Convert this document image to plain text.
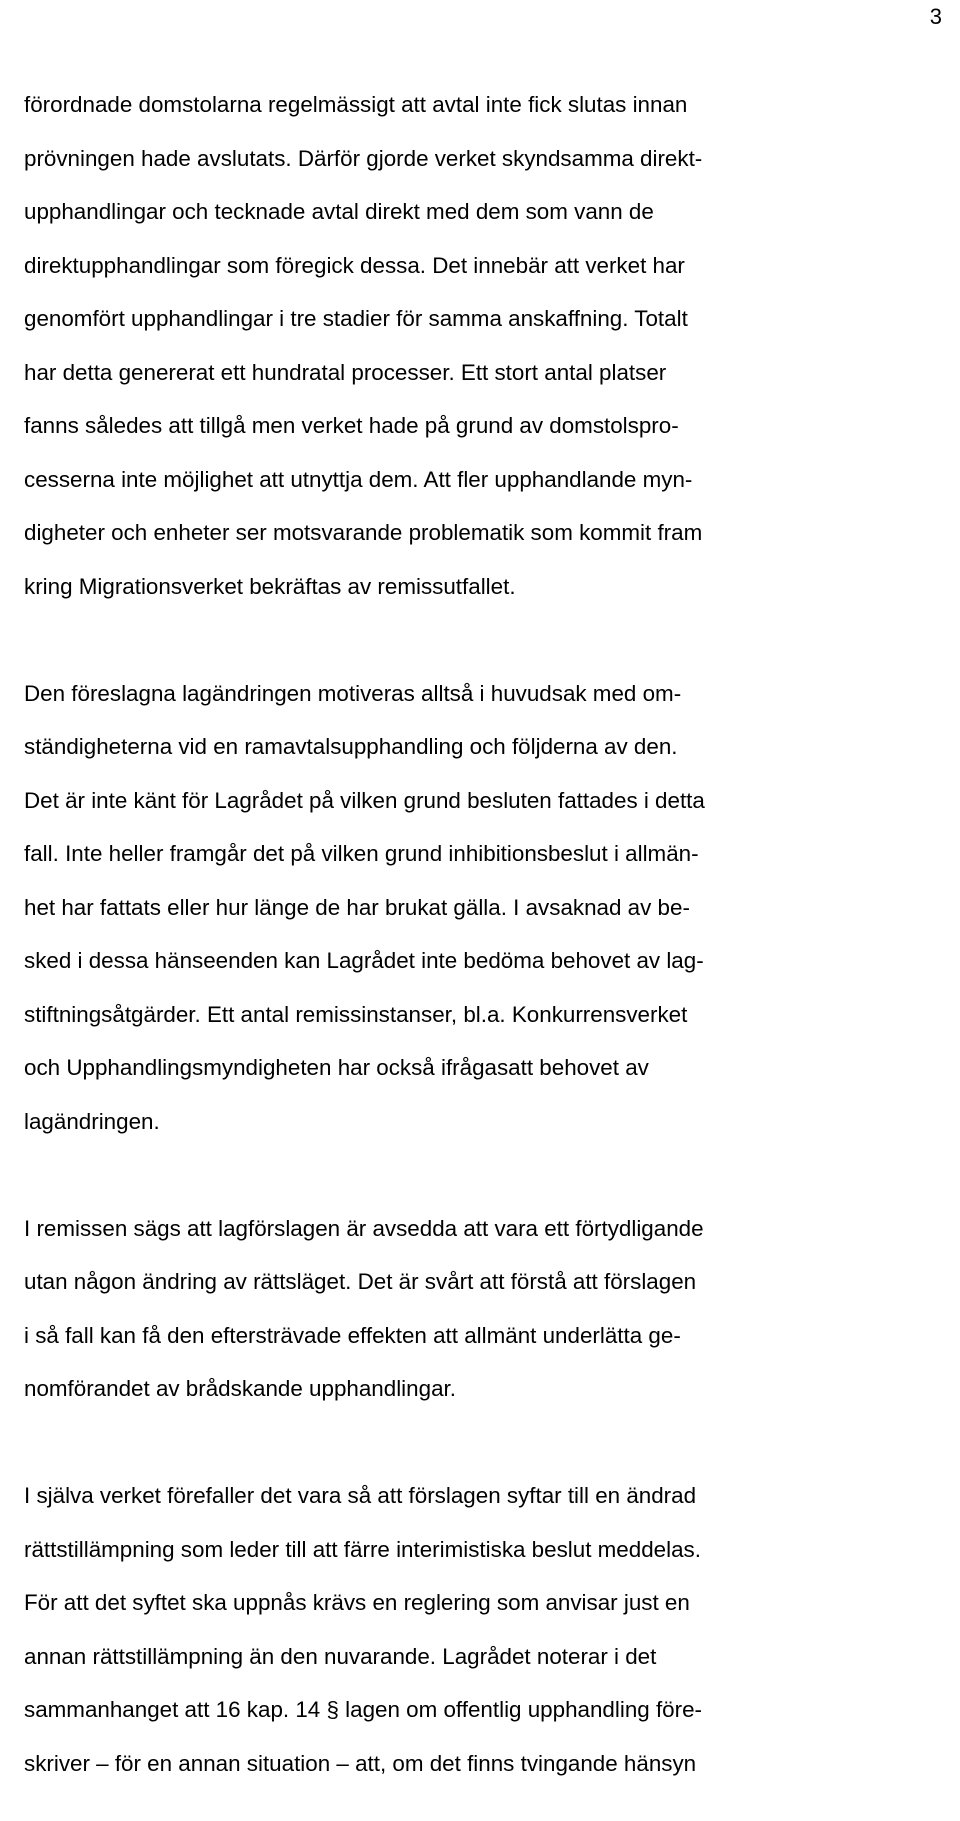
3

förordnade domstolarna regelmässigt att avtal inte fick slutas innan
prövningen hade avslutats. Därför gjorde verket skyndsamma direkt-
upphandlingar och tecknade avtal direkt med dem som vann de
direktupphandlingar som föregick dessa. Det innebär att verket har
genomfört upphandlingar i tre stadier för samma anskaffning. Totalt
har detta genererat ett hundratal processer. Ett stort antal platser
fanns således att tillgå men verket hade på grund av domstolspro-
cesserna inte möjlighet att utnyttja dem. Att fler upphandlande myn-
digheter och enheter ser motsvarande problematik som kommit fram
kring Migrationsverket bekräftas av remissutfallet.

Den föreslagna lagändringen motiveras alltså i huvudsak med om-
ständigheterna vid en ramavtalsupphandling och följderna av den.
Det är inte känt för Lagrådet på vilken grund besluten fattades i detta
fall. Inte heller framgår det på vilken grund inhibitionsbeslut i allmän-
het har fattats eller hur länge de har brukat gälla. I avsaknad av be-
sked i dessa hänseenden kan Lagrådet inte bedöma behovet av lag-
stiftningsåtgärder. Ett antal remissinstanser, bl.a. Konkurrensverket
och Upphandlingsmyndigheten har också ifrågasatt behovet av
lagändringen.

I remissen sägs att lagförslagen är avsedda att vara ett förtydligande
utan någon ändring av rättsläget. Det är svårt att förstå att förslagen
i så fall kan få den eftersträvade effekten att allmänt underlätta ge-
nomförandet av brådskande upphandlingar.

I själva verket förefaller det vara så att förslagen syftar till en ändrad
rättstillämpning som leder till att färre interimistiska beslut meddelas.
För att det syftet ska uppnås krävs en reglering som anvisar just en
annan rättstillämpning än den nuvarande. Lagrådet noterar i det
sammanhanget att 16 kap. 14 § lagen om offentlig upphandling före-
skriver – för en annan situation – att, om det finns tvingande hänsyn
